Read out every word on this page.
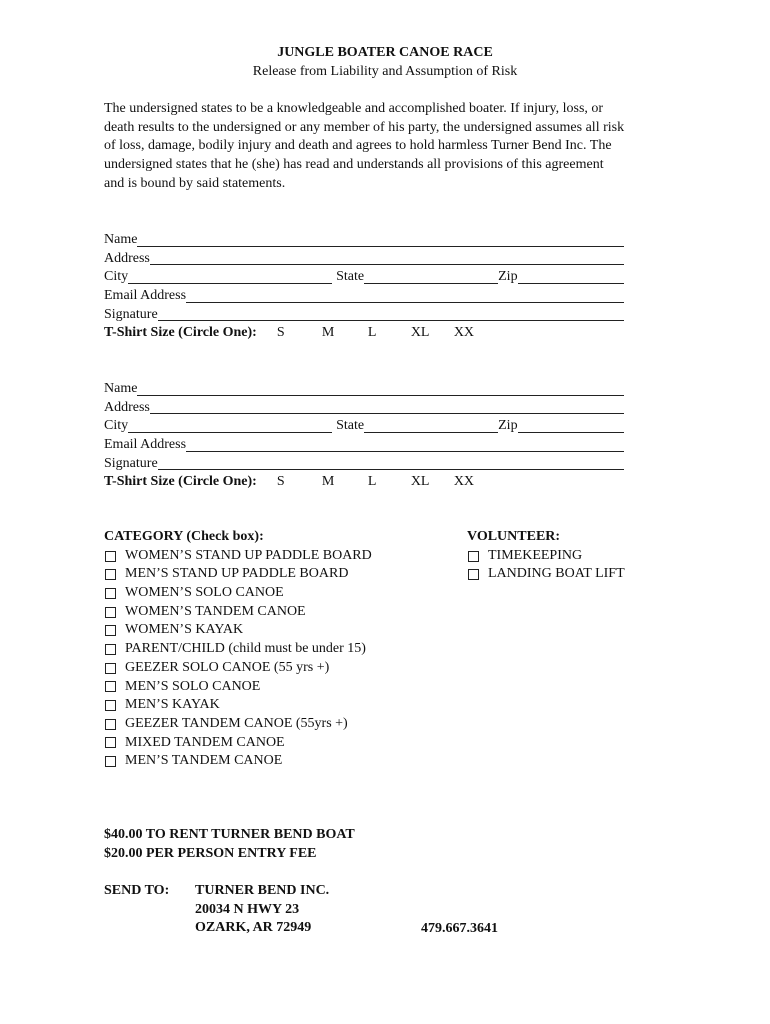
JUNGLE BOATER CANOE RACE
Release from Liability and Assumption of Risk
The undersigned states to be a knowledgeable and accomplished boater. If injury, loss, or
death results to the undersigned or any member of his party, the undersigned assumes all risk
of loss, damage, bodily injury and death and agrees to hold harmless Turner Bend Inc. The
undersigned states that he (she) has read and understands all provisions of this agreement
and is bound by said statements.
Name
Address
City	State	Zip
Email Address
Signature
T-Shirt Size (Circle One): S	M	L	XL	XX
Name
Address
City	State	Zip
Email Address
Signature
T-Shirt Size (Circle One): S	M	L	XL	XX
CATEGORY (Check box):
WOMEN’S STAND UP PADDLE BOARD
MEN’S STAND UP PADDLE BOARD
WOMEN’S SOLO CANOE
WOMEN’S TANDEM CANOE
WOMEN’S KAYAK
PARENT/CHILD (child must be under 15)
GEEZER SOLO CANOE (55 yrs +)
MEN’S SOLO CANOE
MEN’S KAYAK
GEEZER TANDEM CANOE (55yrs +)
MIXED TANDEM CANOE
MEN’S TANDEM CANOE
VOLUNTEER:
TIMEKEEPING
LANDING BOAT LIFT
$40.00 TO RENT TURNER BEND BOAT
$20.00 PER PERSON ENTRY FEE
SEND TO: TURNER BEND INC.
20034 N HWY 23
OZARK, AR 72949	479.667.3641
